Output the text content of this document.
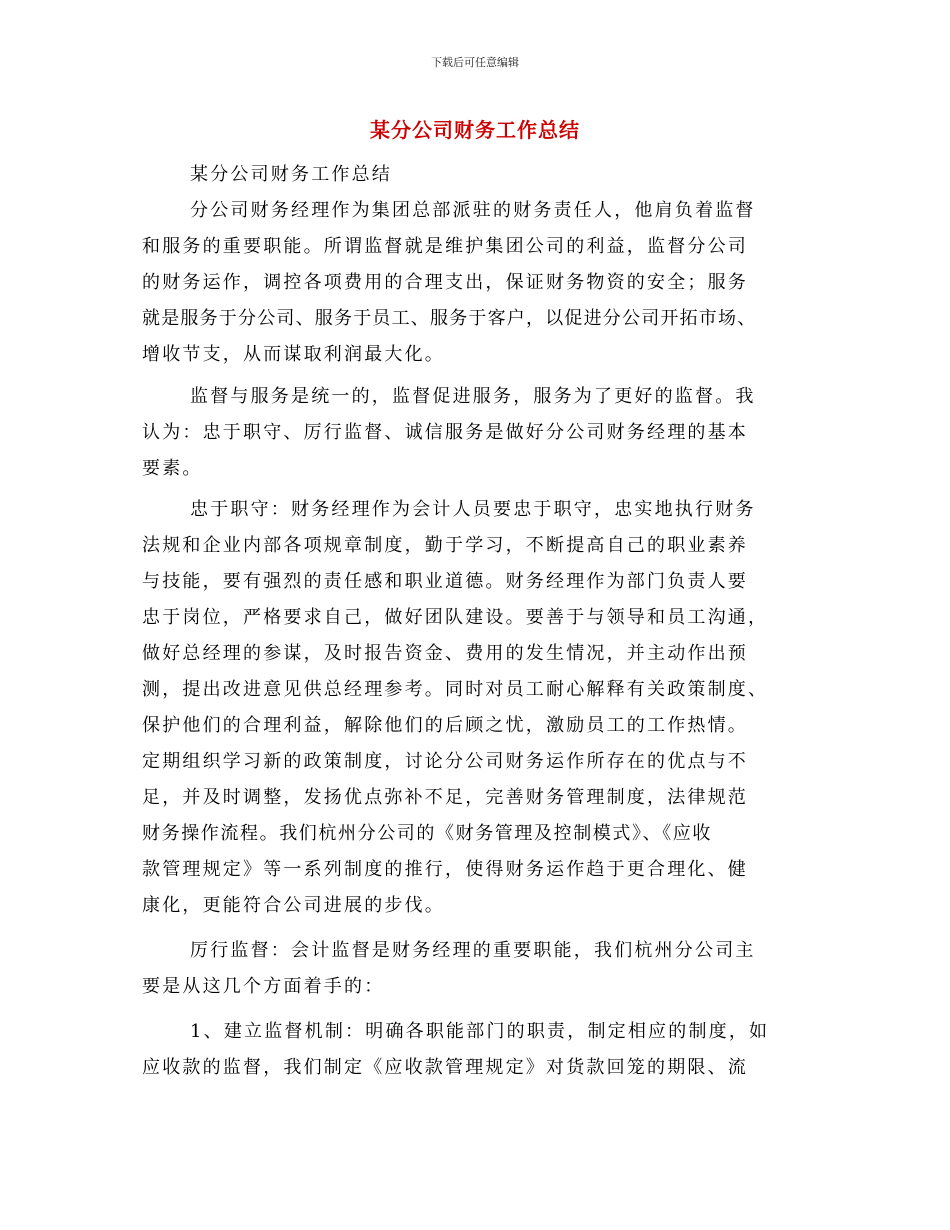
下载后可任意编辑
某分公司财务工作总结
某分公司财务工作总结
分公司财务经理作为集团总部派驻的财务责任人，他肩负着监督
和服务的重要职能。所谓监督就是维护集团公司的利益，监督分公司
的财务运作，调控各项费用的合理支出，保证财务物资的安全；服务
就是服务于分公司、服务于员工、服务于客户，以促进分公司开拓市场、
增收节支，从而谋取利润最大化。
监督与服务是统一的，监督促进服务，服务为了更好的监督。我
认为：忠于职守、厉行监督、诚信服务是做好分公司财务经理的基本
要素。
忠于职守：财务经理作为会计人员要忠于职守，忠实地执行财务
法规和企业内部各项规章制度，勤于学习，不断提高自己的职业素养
与技能，要有强烈的责任感和职业道德。财务经理作为部门负责人要
忠于岗位，严格要求自己，做好团队建设。要善于与领导和员工沟通，
做好总经理的参谋，及时报告资金、费用的发生情况，并主动作出预
测，提出改进意见供总经理参考。同时对员工耐心解释有关政策制度、
保护他们的合理利益，解除他们的后顾之忧，激励员工的工作热情。
定期组织学习新的政策制度，讨论分公司财务运作所存在的优点与不
足，并及时调整，发扬优点弥补不足，完善财务管理制度，法律规范
财务操作流程。我们杭州分公司的《财务管理及控制模式》、《应收
款管理规定》等一系列制度的推行，使得财务运作趋于更合理化、健
康化，更能符合公司进展的步伐。
厉行监督：会计监督是财务经理的重要职能，我们杭州分公司主
要是从这几个方面着手的：
1、建立监督机制：明确各职能部门的职责，制定相应的制度，如
应收款的监督，我们制定《应收款管理规定》对货款回笼的期限、流
